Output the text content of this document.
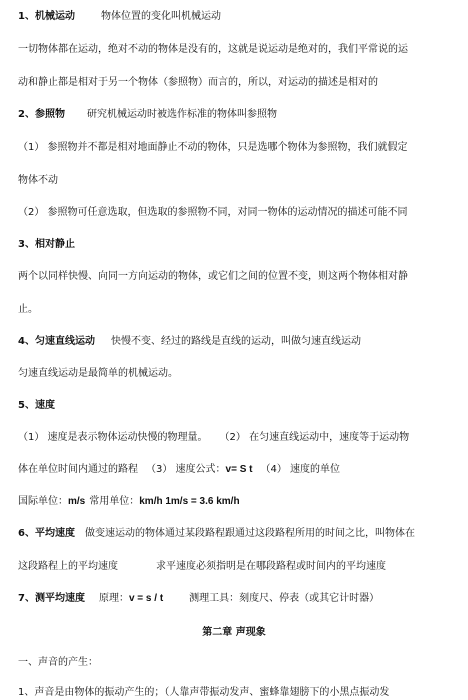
1、机械运动	物体位置的变化叫机械运动
一切物体都在运动，绝对不动的物体是没有的，这就是说运动是绝对的，我们平常说的运
动和静止都是相对于另一个物体（参照物）而言的，所以，对运动的描述是相对的
2、参照物 研究机械运动时被选作标准的物体叫参照物
（1） 参照物并不都是相对地面静止不动的物体，只是选哪个物体为参照物，我们就假定
物体不动
（2） 参照物可任意选取，但选取的参照物不同，对同一物体的运动情况的描述可能不同
3、相对静止
两个以同样快慢、向同一方向运动的物体，或它们之间的位置不变，则这两个物体相对静
止。
4、匀速直线运动 快慢不变、经过的路线是直线的运动，叫做匀速直线运动
匀速直线运动是最简单的机械运动。
5、速度
（1） 速度是表示物体运动快慢的物理量。 （2） 在匀速直线运动中，速度等于运动物
体在单位时间内通过的路程 （3） 速度公式：v= S t （4） 速度的单位
国际单位：m/s 常用单位：km/h 1m/s = 3.6 km/h
6、平均速度 做变速运动的物体通过某段路程跟通过这段路程所用的时间之比，叫物体在
这段路程上的平均速度	求平速度必须指明是在哪段路程或时间内的平均速度
7、测平均速度 原理：v = s / t	测理工具：刻度尺、停表（或其它计时器）
第二章 声现象
一、声音的产生：
1、声音是由物体的振动产生的；（人靠声带振动发声、蜜蜂靠翅膀下的小黑点振动发
